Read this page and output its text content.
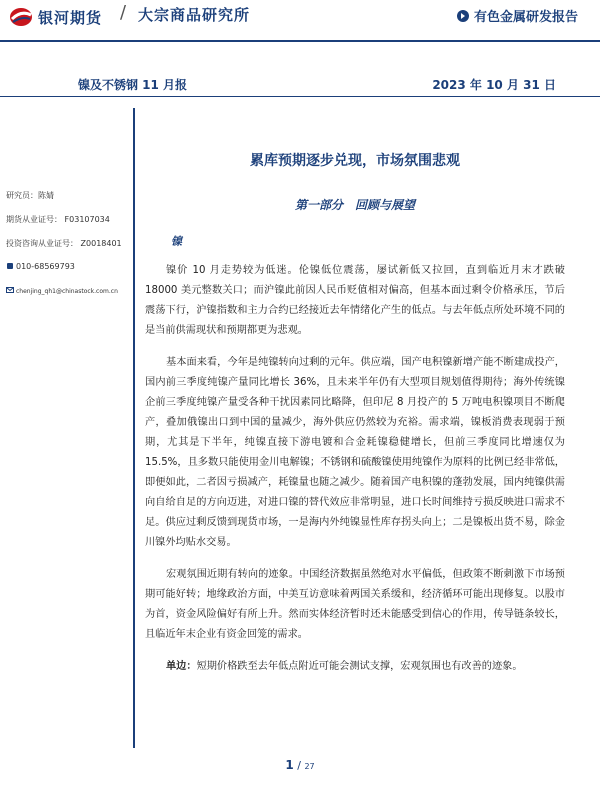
银河期货 / 大宗商品研究所	有色金属研发报告
镍及不锈钢 11 月报	2023 年 10 月 31 日
研究员：陈婧
期货从业证号： F03107034
投资咨询从业证号： Z0018401
010-68569793
chenjing_qh1@chinastock.com.cn
累库预期逐步兑现，市场氛围悲观
第一部分　回顾与展望
镍

镍价 10 月走势较为低迷。伦镍低位震荡，屡试新低又拉回，直到临近月末才跌破 18000 美元整数关口；而沪镍此前因人民币贬值相对偏高，但基本面过剩令价格承压，节后震荡下行，沪镍指数和主力合约已经接近去年情绪化产生的低点。与去年低点所处环境不同的是当前供需现状和预期都更为悲观。

基本面来看，今年是纯镍转向过剩的元年。供应端，国产电积镍新增产能不断建成投产，国内前三季度纯镍产量同比增长 36%，且未来半年仍有大型项目规划值得期待；海外传统镍企前三季度纯镍产量受各种干扰因素同比略降，但印尼 8 月投产的 5 万吨电积镍项目不断爬产，叠加俄镍出口到中国的量减少，海外供应仍然较为充裕。需求端，镍板消费表现弱于预期，尤其是下半年，纯镍直接下游电镀和合金耗镍稳健增长，但前三季度同比增速仅为 15.5%，且多数只能使用金川电解镍；不锈钢和硫酸镍使用纯镍作为原料的比例已经非常低，即便如此，二者因亏损减产，耗镍量也随之减少。随着国产电积镍的蓬勃发展，国内纯镍供需向自给自足的方向迈进，对进口镍的替代效应非常明显，进口长时间维持亏损反映进口需求不足。供应过剩反馈到现货市场，一是海内外纯镍显性库存拐头向上；二是镍板出货不易，除金川镍外均贴水交易。

宏观氛围近期有转向的迹象。中国经济数据虽然绝对水平偏低，但政策不断刺激下市场预期可能好转；地缘政治方面，中美互访意味着两国关系缓和，经济循环可能出现修复。以股市为首，资金风险偏好有所上升。然而实体经济暂时还未能感受到信心的作用，传导链条较长，且临近年末企业有资金回笼的需求。

单边：短期价格跌至去年低点附近可能会测试支撑，宏观氛围也有改善的迹象。

1 / 27
